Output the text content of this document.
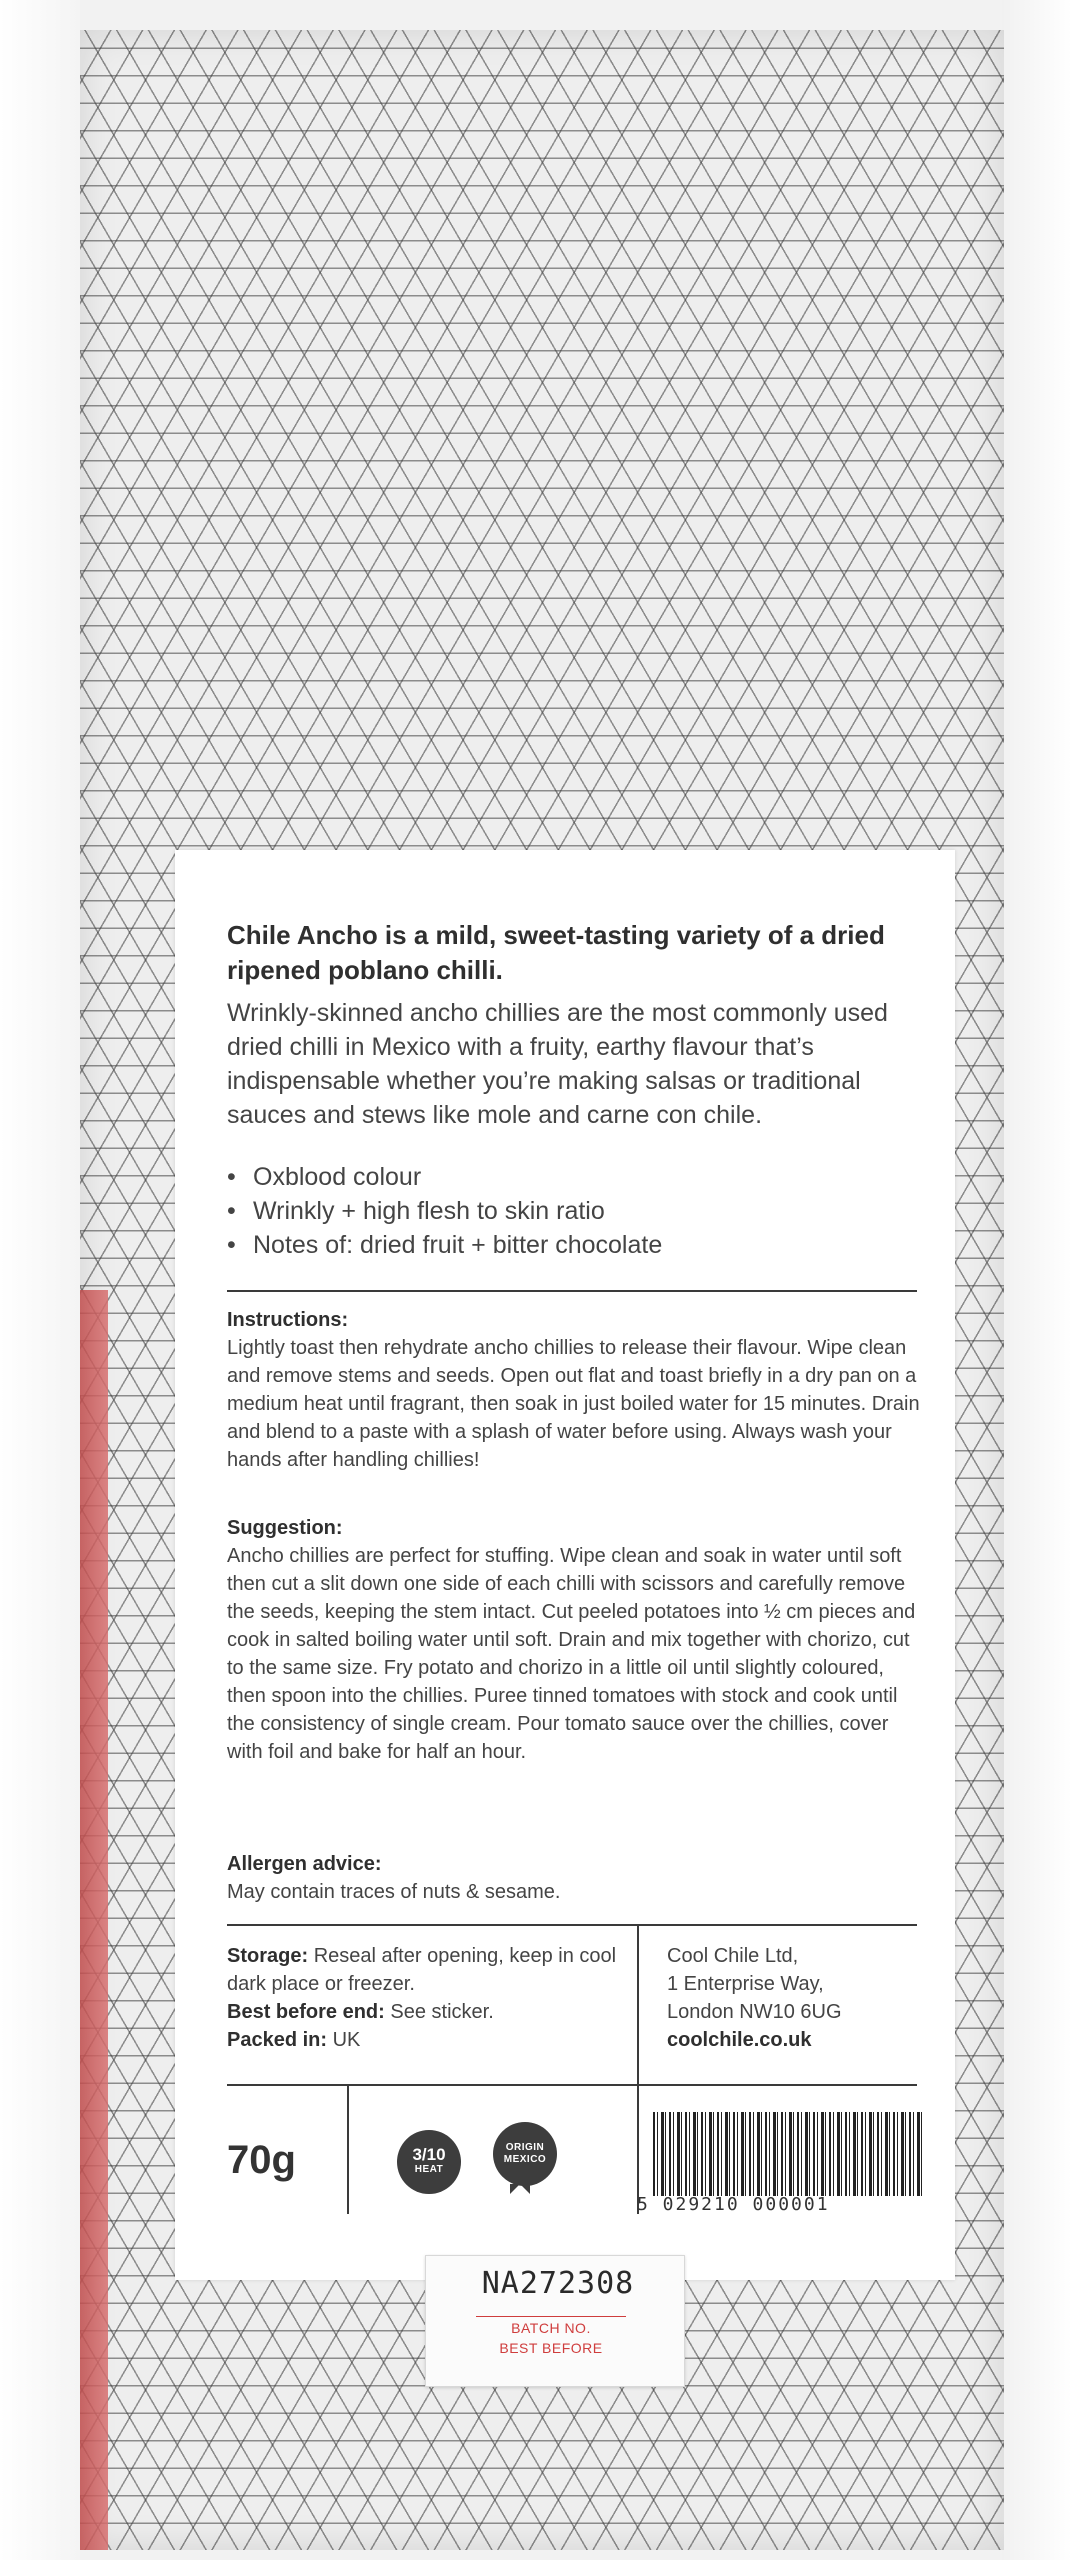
Chile Ancho is a mild, sweet-tasting variety of a dried ripened poblano chilli.
Wrinkly-skinned ancho chillies are the most commonly used dried chilli in Mexico with a fruity, earthy flavour that’s indispensable whether you’re making salsas or traditional sauces and stews like mole and carne con chile.
• Oxblood colour
• Wrinkly + high flesh to skin ratio
• Notes of: dried fruit + bitter chocolate
Instructions:
Lightly toast then rehydrate ancho chillies to release their flavour. Wipe clean and remove stems and seeds. Open out flat and toast briefly in a dry pan on a medium heat until fragrant, then soak in just boiled water for 15 minutes. Drain and blend to a paste with a splash of water before using. Always wash your hands after handling chillies!
Suggestion:
Ancho chillies are perfect for stuffing. Wipe clean and soak in water until soft then cut a slit down one side of each chilli with scissors and carefully remove the seeds, keeping the stem intact. Cut peeled potatoes into ½ cm pieces and cook in salted boiling water until soft. Drain and mix together with chorizo, cut to the same size. Fry potato and chorizo in a little oil until slightly coloured, then spoon into the chillies. Puree tinned tomatoes with stock and cook until the consistency of single cream. Pour tomato sauce over the chillies, cover with foil and bake for half an hour.
Allergen advice:
May contain traces of nuts & sesame.
Storage: Reseal after opening, keep in cool dark place or freezer.
Best before end: See sticker.
Packed in: UK
Cool Chile Ltd,
1 Enterprise Way,
London NW10 6UG
coolchile.co.uk
70g	3/10
HEAT
ORIGIN
MEXICO
5 029210 000001
NA272308
BATCH NO.
BEST BEFORE
